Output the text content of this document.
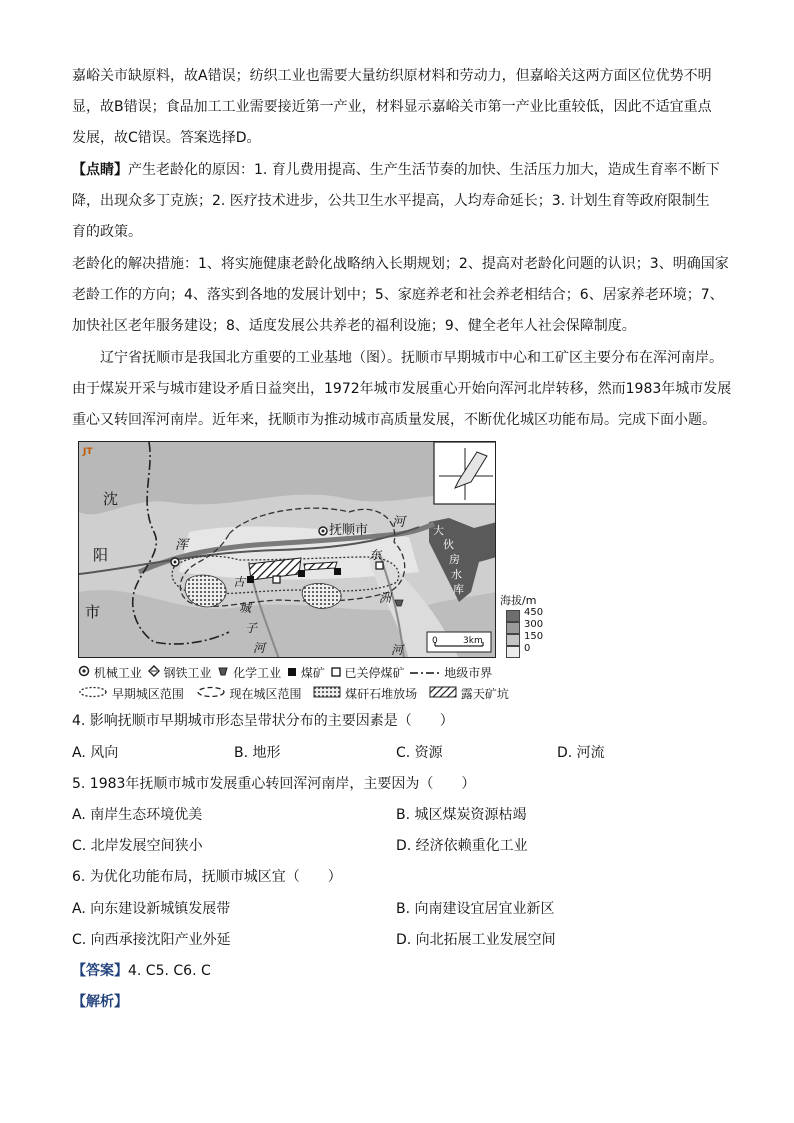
嘉峪关市缺原料，故A错误；纺织工业也需要大量纺织原材料和劳动力，但嘉峪关这两方面区位优势不明
显，故B错误；食品加工工业需要接近第一产业，材料显示嘉峪关市第一产业比重较低，因此不适宜重点
发展，故C错误。答案选择D。
【点睛】产生老龄化的原因：1. 育儿费用提高、生产生活节奏的加快、生活压力加大，造成生育率不断下
降，出现众多丁克族；2. 医疗技术进步，公共卫生水平提高，人均寿命延长；3. 计划生育等政府限制生
育的政策。
老龄化的解决措施：1、将实施健康老龄化战略纳入长期规划；2、提高对老龄化问题的认识；3、明确国家
老龄工作的方向；4、落实到各地的发展计划中；5、家庭养老和社会养老相结合；6、居家养老环境；7、
加快社区老年服务建设；8、适度发展公共养老的福利设施；9、健全老年人社会保障制度。
辽宁省抚顺市是我国北方重要的工业基地（图）。抚顺市早期城市中心和工矿区主要分布在浑河南岸。
由于煤炭开采与城市建设矛盾日益突出，1972年城市发展重心开始向浑河北岸转移，然而1983年城市发展
重心又转回浑河南岸。近年来，抚顺市为推动城市高质量发展，不断优化城区功能布局。完成下面小题。
JT
沈
阳
市
抚顺市
浑
河
古
城
子
河
东
洲
河
大
伙
房
水
库
0	3km
海拔/m
450
300
150
0
机械工业 钢铁工业 化学工业 煤矿 已关停煤矿	地级市界
早期城区范围	现在城区范围	煤矸石堆放场	露天矿坑
4. 影响抚顺市早期城市形态呈带状分布的主要因素是（　　）
A. 风向	B. 地形	C. 资源	D. 河流
5. 1983年抚顺市城市发展重心转回浑河南岸，主要因为（　　）
A. 南岸生态环境优美	B. 城区煤炭资源枯竭
C. 北岸发展空间狭小	D. 经济依赖重化工业
6. 为优化功能布局，抚顺市城区宜（　　）
A. 向东建设新城镇发展带	B. 向南建设宜居宜业新区
C. 向西承接沈阳产业外延	D. 向北拓展工业发展空间
【答案】4. C5. C6. C
【解析】
